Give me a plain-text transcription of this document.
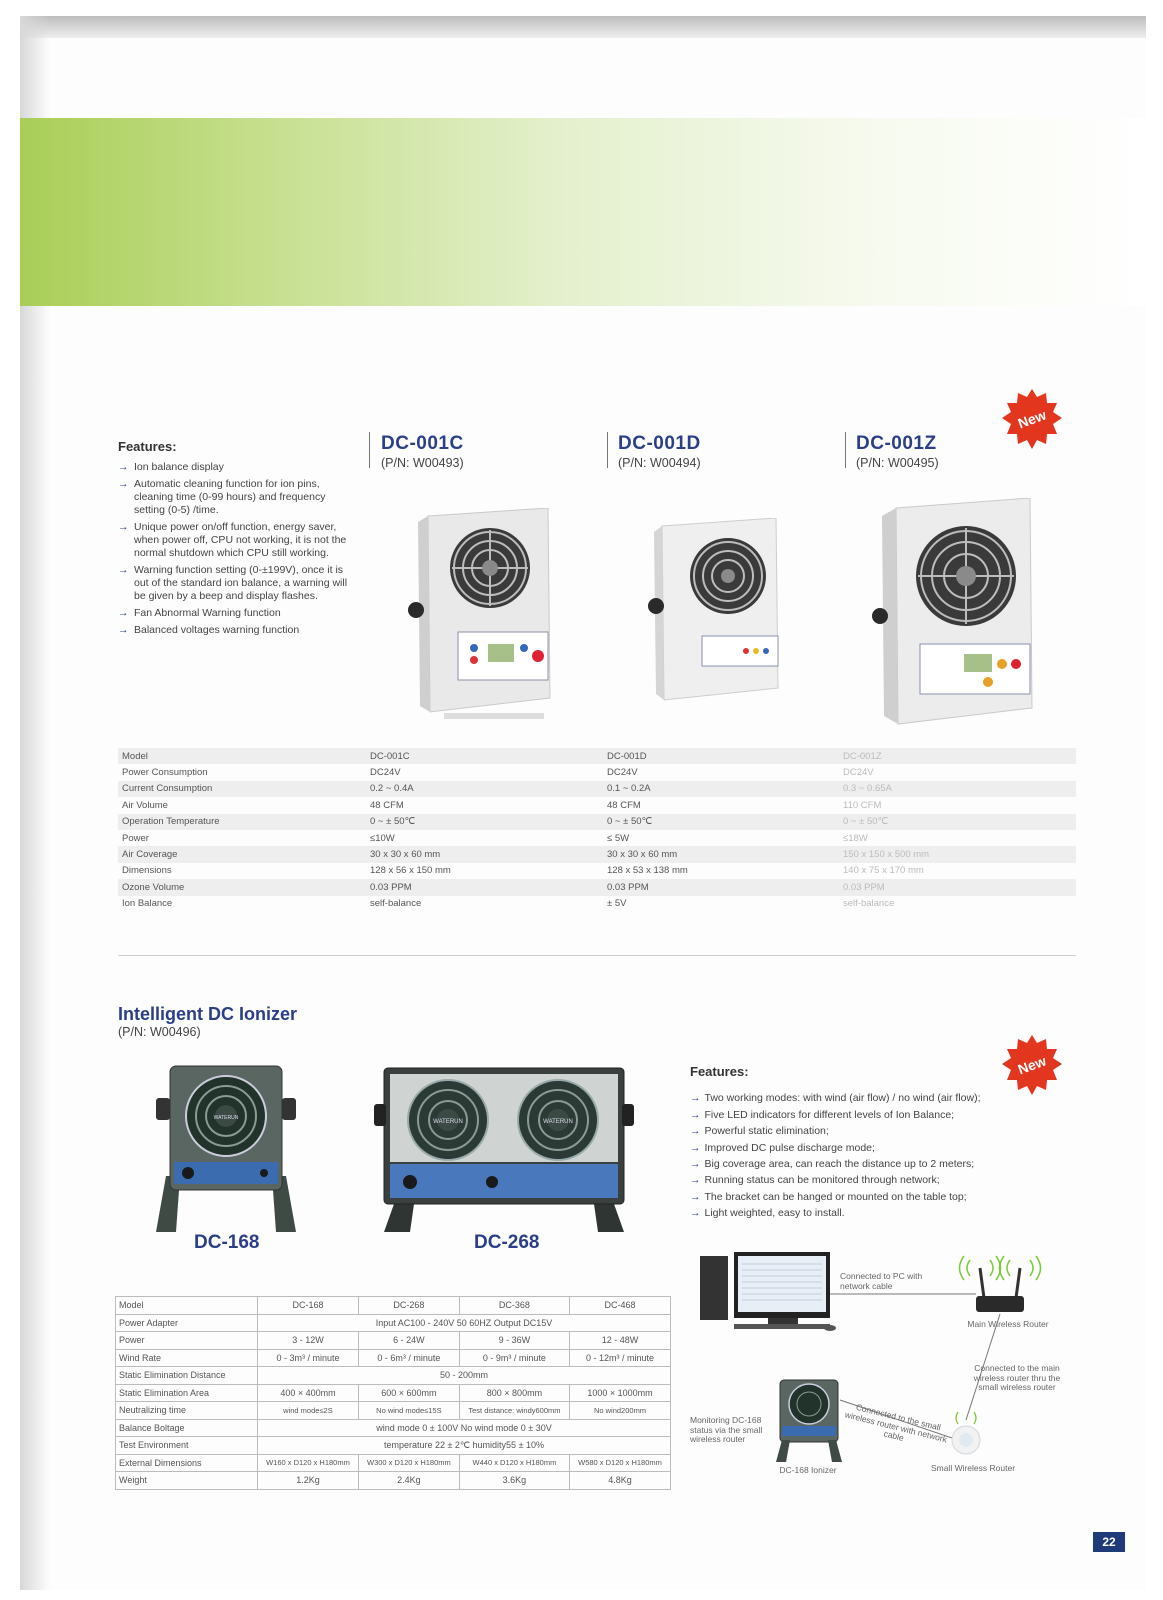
Features:
→ Ion balance display
→ Automatic cleaning function for ion pins, cleaning time (0-99 hours) and frequency setting (0-5) /time.
→ Unique power on/off function, energy saver, when power off, CPU not working, it is not the normal shutdown which CPU still working.
→ Warning function setting (0-±199V), once it is out of the standard ion balance, a warning will be given by a beep and display flashes.
→ Fan Abnormal Warning function
→ Balanced voltages warning function
DC-001C
(P/N: W00493)
DC-001D
(P/N: W00494)
DC-001Z
(P/N: W00495)
New
Model	DC-001C	DC-001D	DC-001Z
Power Consumption	DC24V	DC24V	DC24V
Current Consumption	0.2 ~ 0.4A	0.1 ~ 0.2A	0.3 ~ 0.65A
Air Volume	48 CFM	48 CFM	110 CFM
Operation Temperature	0 ~ ± 50℃	0 ~ ± 50℃	0 ~ ± 50℃
Power	≤10W	≤ 5W	≤18W
Air Coverage	30 x 30 x 60 mm	30 x 30 x 60 mm	150 x 150 x 500 mm
Dimensions	128 x 56 x 150 mm	128 x 53 x 138 mm	140 x 75 x 170 mm
Ozone Volume	0.03 PPM	0.03 PPM	0.03 PPM
Ion Balance	self-balance	± 5V	self-balance
Intelligent DC Ionizer
(P/N: W00496)
WATERUN
WATERUN	WATERUN
DC-168	DC-268
New
Features:
→ Two working modes: with wind (air flow) / no wind (air flow);
→ Five LED indicators for different levels of Ion Balance;
→ Powerful static elimination;
→ Improved DC pulse discharge mode;
→ Big coverage area, can reach the distance up to 2 meters;
→ Running status can be monitored through network;
→ The bracket can be hanged or mounted on the table top;
→ Light weighted, easy to install.
Model	DC-168	DC-268	DC-368	DC-468
Power Adapter	Input AC100 - 240V 50 60HZ Output DC15V			
Power	3 - 12W	6 - 24W	9 - 36W	12 - 48W
Wind Rate	0 - 3m³ / minute	0 - 6m³ / minute	0 - 9m³ / minute	0 - 12m³ / minute
Static Elimination Distance	50 - 200mm			
Static Elimination Area	400 × 400mm	600 × 600mm	800 × 800mm	1000 × 1000mm
Neutralizing time	wind mode≤2S	No wind mode≤15S	Test distance: windy600mm	No wind200mm
Balance Boltage	wind mode 0 ± 100V No wind mode 0 ± 30V			
Test Environment	temperature 22 ± 2℃ humidity55 ± 10%			
External Dimensions	W160 x D120 x H180mm	W300 x D120 x H180mm	W440 x D120 x H180mm	W580 x D120 x H180mm
Weight	1.2Kg	2.4Kg	3.6Kg	4.8Kg
Connected to PC with network cable
Main Wireless Router
Connected to the main wireless router thru the small wireless router
Connected to the small wireless router with network cable
Monitoring DC-168 status via the small wireless router
DC-168 Ionizer	Small Wireless Router
22
